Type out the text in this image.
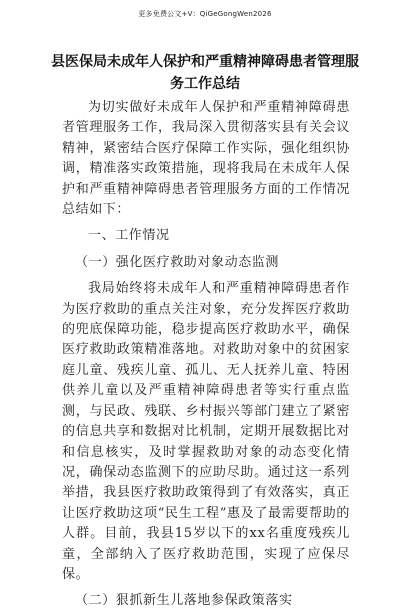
更多免费公文+V：QiGeGongWen2026
县医保局未成年人保护和严重精神障碍患者管理服务工作总结

为切实做好未成年人保护和严重精神障碍患者管理服务工作，我局深入贯彻落实县有关会议精神，紧密结合医疗保障工作实际，强化组织协调，精准落实政策措施，现将我局在未成年人保护和严重精神障碍患者管理服务方面的工作情况总结如下：

一、工作情况

（一）强化医疗救助对象动态监测

我局始终将未成年人和严重精神障碍患者作为医疗救助的重点关注对象，充分发挥医疗救助的兜底保障功能，稳步提高医疗救助水平，确保医疗救助政策精准落地。对救助对象中的贫困家庭儿童、残疾儿童、孤儿、无人抚养儿童、特困供养儿童以及严重精神障碍患者等实行重点监测，与民政、残联、乡村振兴等部门建立了紧密的信息共享和数据对比机制，定期开展数据比对和信息核实，及时掌握救助对象的动态变化情况，确保动态监测下的应助尽助。通过这一系列举措，我县医疗救助政策得到了有效落实，真正让医疗救助这项“民生工程”惠及了最需要帮助的人群。目前，我县15岁以下的xx名重度残疾儿童，全部纳入了医疗救助范围，实现了应保尽保。

（二）狠抓新生儿落地参保政策落实
